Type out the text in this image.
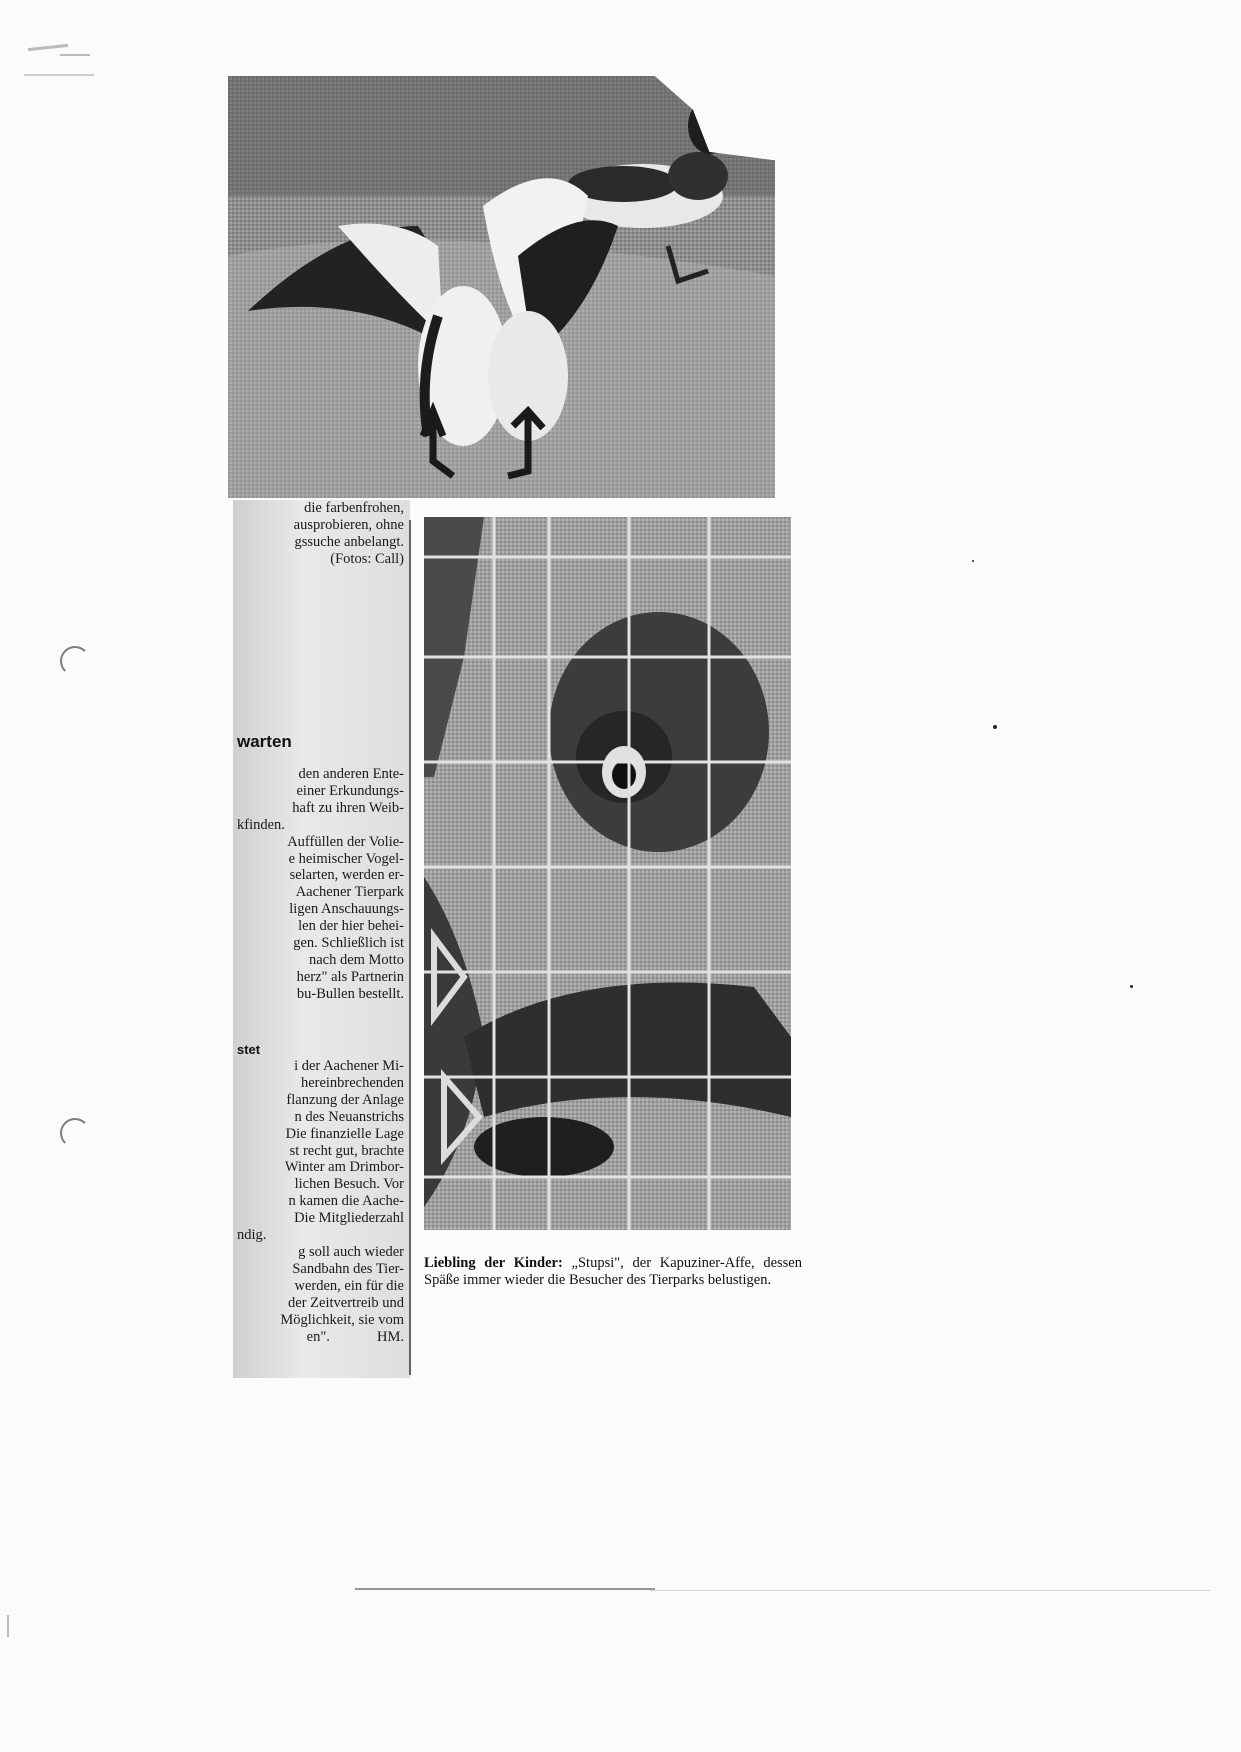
die farbenfrohen,
ausprobieren, ohne
gssuche anbelangt.
(Fotos: Call)
warten
den anderen Ente-
einer Erkundungs-
haft zu ihren Weib-
kfinden.
Auffüllen der Volie-
e heimischer Vogel-
selarten, werden er-
Aachener Tierpark
ligen Anschauungs-
len der hier behei-
gen. Schließlich ist
nach dem Motto
herz" als Partnerin
bu-Bullen bestellt.
stet
i der Aachener Mi-
hereinbrechenden
flanzung der Anlage
n des Neuanstrichs
Die finanzielle Lage
st recht gut, brachte
Winter am Drimbor-
lichen Besuch. Vor
n kamen die Aache-
Die Mitgliederzahl
ndig.
g soll auch wieder
Sandbahn des Tier-
werden, ein für die
der Zeitvertreib und
Möglichkeit, sie vom
en".             HM.

Liebling der Kinder: „Stupsi", der Kapuziner-Affe, dessen Späße immer wieder die Besucher des Tierparks belustigen.
